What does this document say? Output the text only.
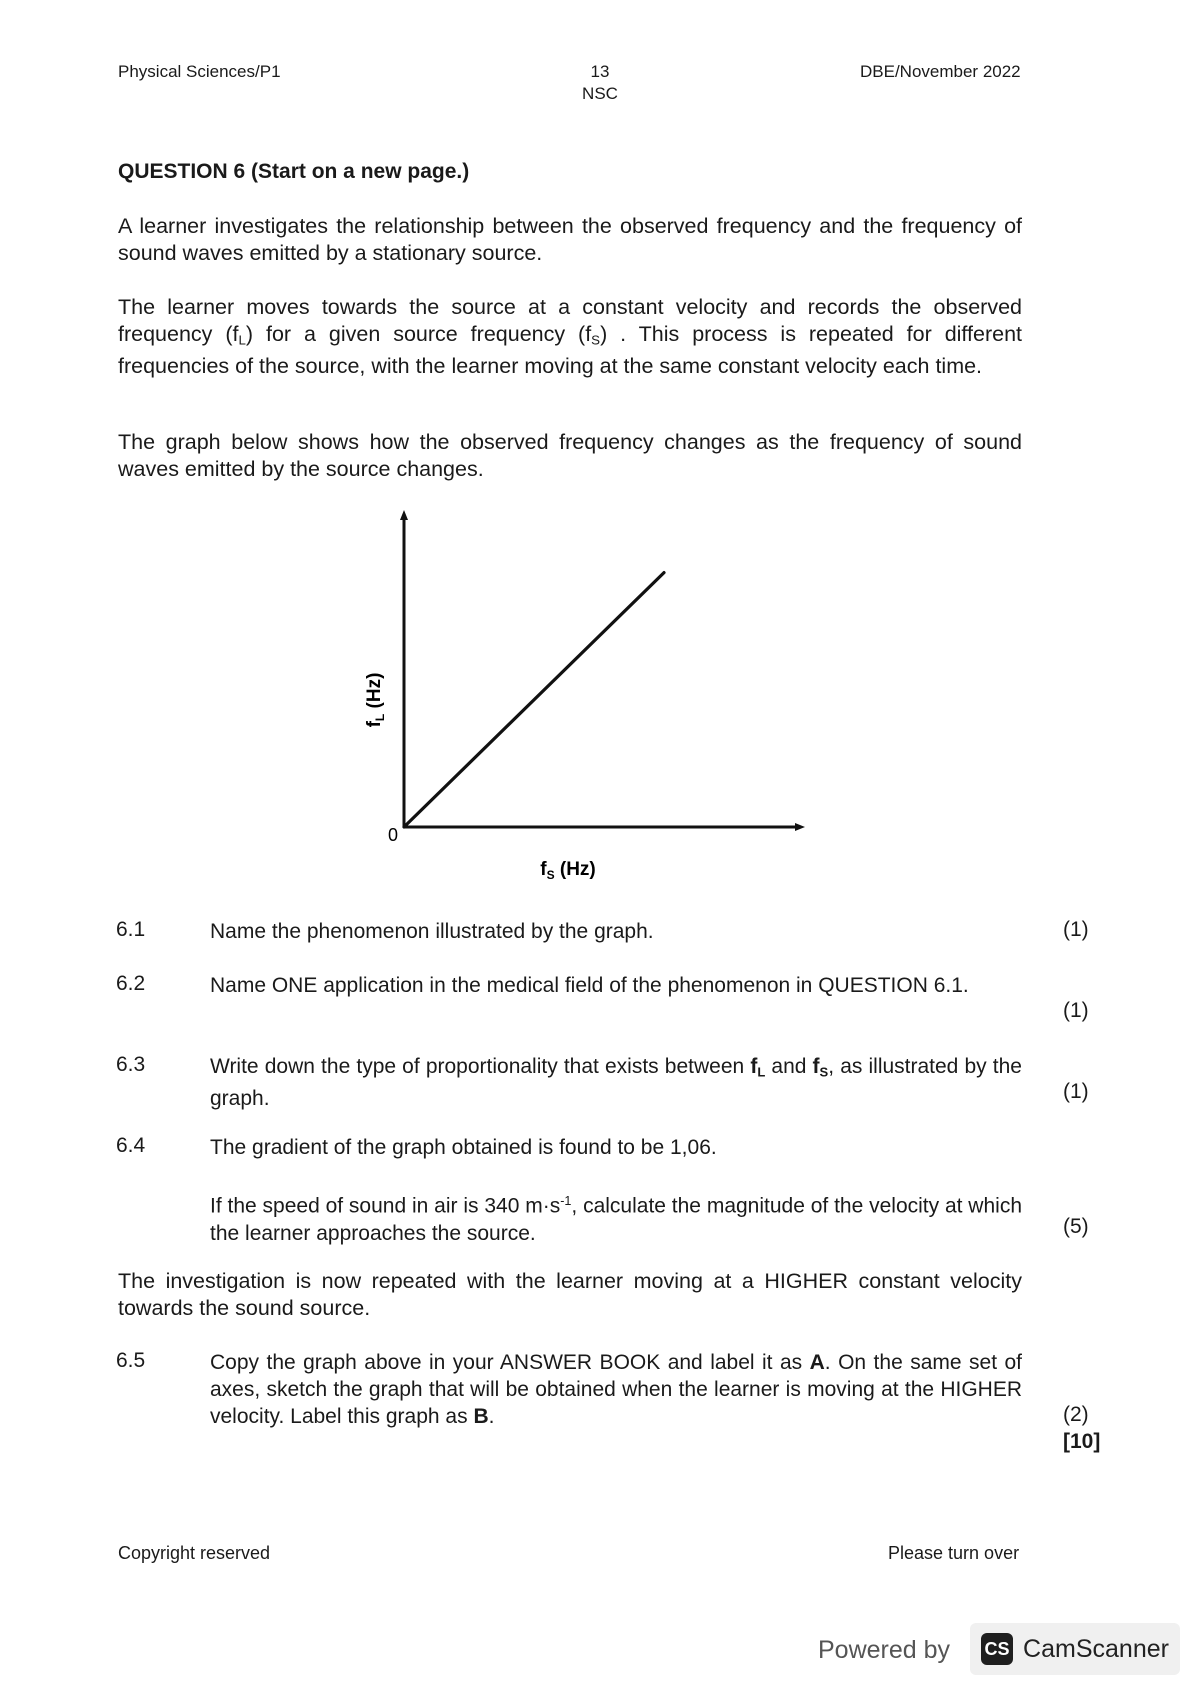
Physical Sciences/P1	13
NSC
DBE/November 2022
QUESTION 6 (Start on a new page.)
A learner investigates the relationship between the observed frequency and the frequency of sound waves emitted by a stationary source.
The learner moves towards the source at a constant velocity and records the observed frequency $(f_L)$ for a given source frequency $(f_S)$ . This process is repeated for different frequencies of the source, with the learner moving at the same constant velocity each time.
The graph below shows how the observed frequency changes as the frequency of sound waves emitted by the source changes.
0
$f_L$ (Hz)
$f_S$ (Hz)
6.1	Name the phenomenon illustrated by the graph.	(1)
6.2	Name ONE application in the medical field of the phenomenon in QUESTION 6.1.
(1)
6.3	Write down the type of proportionality that exists between $f_L$ and $f_S$, as illustrated by the graph.	(1)
6.4	The gradient of the graph obtained is found to be 1,06.
If the speed of sound in air is 340 $m\cdot s^{-1}$, calculate the magnitude of the velocity at which the learner approaches the source.	(5)
The investigation is now repeated with the learner moving at a HIGHER constant velocity towards the sound source.
6.5	Copy the graph above in your ANSWER BOOK and label it as A. On the same set of axes, sketch the graph that will be obtained when the learner is moving at the HIGHER velocity. Label this graph as B.	(2)
[10]
Copyright reserved	Please turn over
Powered by CS CamScanner
